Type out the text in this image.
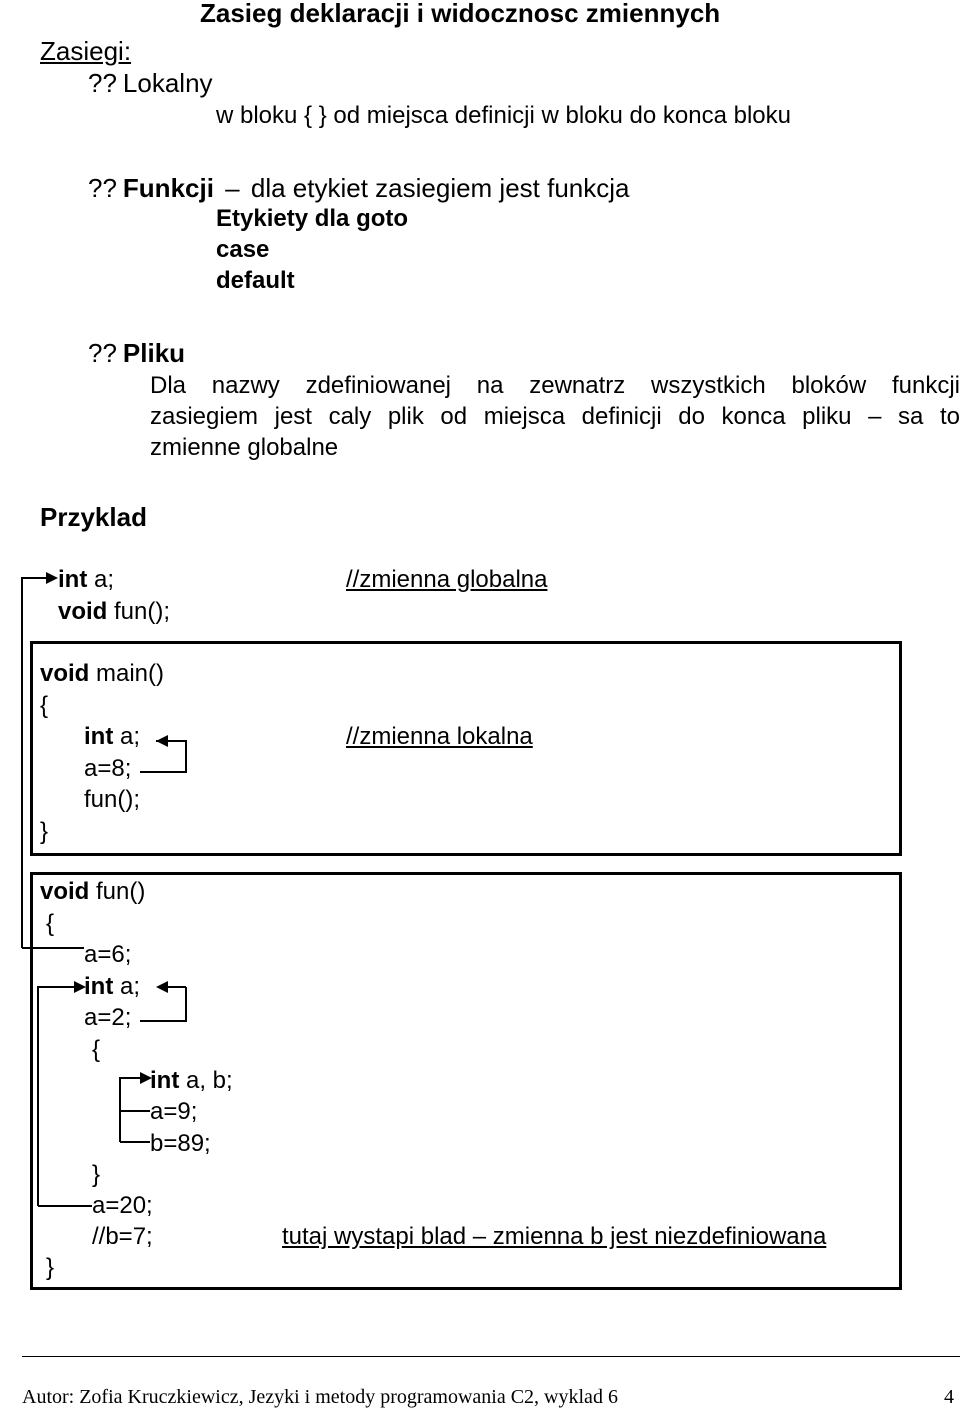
Zasieg deklaracji i widocznosc zmiennych
Zasiegi:
?? Lokalny
w bloku { } od miejsca definicji w bloku do konca bloku
?? Funkcji – dla etykiet zasiegiem jest funkcja
Etykiety dla goto
case
default
?? Pliku
Dla nazwy zdefiniowanej na zewnatrz wszystkich bloków funkcji
zasiegiem jest caly plik od miejsca definicji do konca pliku – sa to
zmienne globalne
Przyklad
int a;	//zmienna globalna
void fun();
void main()
{
int a;	//zmienna lokalna
a=8;
fun();
}
void fun()
{
a=6;
int a;
a=2;
{
int a, b;
a=9;
b=89;
}
a=20;
//b=7;	tutaj wystapi blad – zmienna b jest niezdefiniowana
}
Autor: Zofia Kruczkiewicz, Jezyki i metody programowania C2, wyklad 6	4
